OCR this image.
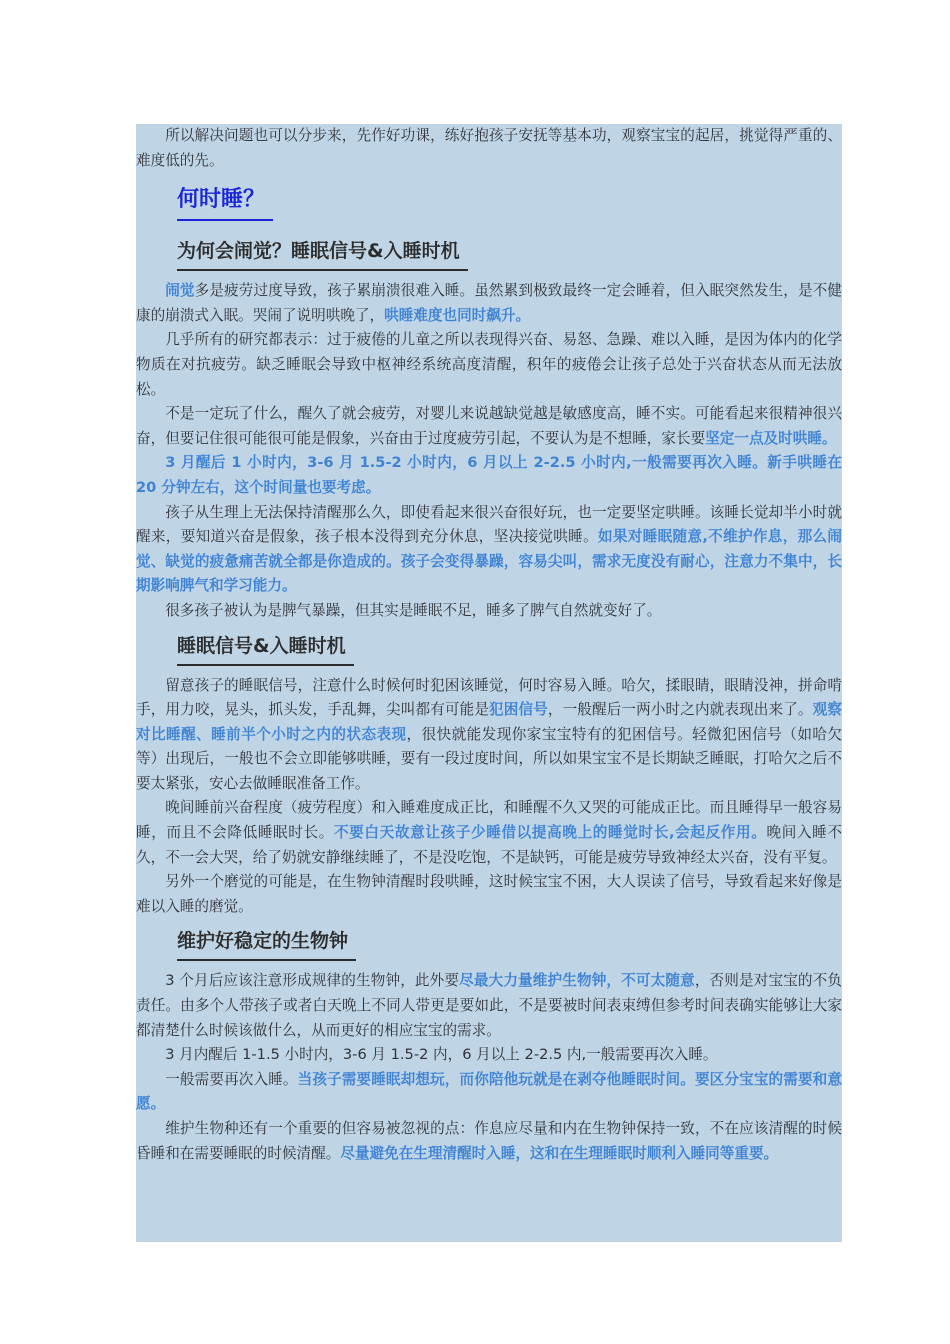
所以解决问题也可以分步来，先作好功课，练好抱孩子安抚等基本功，观察宝宝的起居，挑觉得严重的、难度低的先。

何时睡？
为何会闹觉？睡眠信号&入睡时机

闹觉多是疲劳过度导致，孩子累崩溃很难入睡。虽然累到极致最终一定会睡着，但入眠突然发生，是不健康的崩溃式入眠。哭闹了说明哄晚了，哄睡难度也同时飙升。

几乎所有的研究都表示：过于疲倦的儿童之所以表现得兴奋、易怒、急躁、难以入睡，是因为体内的化学物质在对抗疲劳。缺乏睡眠会导致中枢神经系统高度清醒，积年的疲倦会让孩子总处于兴奋状态从而无法放松。

不是一定玩了什么，醒久了就会疲劳，对婴儿来说越缺觉越是敏感度高，睡不实。可能看起来很精神很兴奋，但要记住很可能很可能是假象，兴奋由于过度疲劳引起，不要认为是不想睡，家长要坚定一点及时哄睡。

3 月醒后 1 小时内，3-6 月 1.5-2 小时内，6 月以上 2-2.5 小时内,一般需要再次入睡。新手哄睡在 20 分钟左右，这个时间量也要考虑。

孩子从生理上无法保持清醒那么久，即使看起来很兴奋很好玩，也一定要坚定哄睡。该睡长觉却半小时就醒来，要知道兴奋是假象，孩子根本没得到充分休息，坚决接觉哄睡。如果对睡眠随意,不维护作息，那么闹觉、缺觉的疲惫痛苦就全都是你造成的。孩子会变得暴躁，容易尖叫，需求无度没有耐心，注意力不集中，长期影响脾气和学习能力。

很多孩子被认为是脾气暴躁，但其实是睡眠不足，睡多了脾气自然就变好了。

睡眠信号&入睡时机

留意孩子的睡眠信号，注意什么时候何时犯困该睡觉，何时容易入睡。哈欠，揉眼睛，眼睛没神，拼命啃手，用力咬，晃头，抓头发，手乱舞，尖叫都有可能是犯困信号，一般醒后一两小时之内就表现出来了。观察对比睡醒、睡前半个小时之内的状态表现，很快就能发现你家宝宝特有的犯困信号。轻微犯困信号（如哈欠等）出现后，一般也不会立即能够哄睡，要有一段过度时间，所以如果宝宝不是长期缺乏睡眠，打哈欠之后不要太紧张，安心去做睡眠准备工作。

晚间睡前兴奋程度（疲劳程度）和入睡难度成正比，和睡醒不久又哭的可能成正比。而且睡得早一般容易睡，而且不会降低睡眠时长。不要白天故意让孩子少睡借以提高晚上的睡觉时长,会起反作用。晚间入睡不久，不一会大哭，给了奶就安静继续睡了，不是没吃饱，不是缺钙，可能是疲劳导致神经太兴奋，没有平复。

另外一个磨觉的可能是，在生物钟清醒时段哄睡，这时候宝宝不困，大人误读了信号，导致看起来好像是难以入睡的磨觉。

维护好稳定的生物钟

3 个月后应该注意形成规律的生物钟，此外要尽最大力量维护生物钟，不可太随意，否则是对宝宝的不负责任。由多个人带孩子或者白天晚上不同人带更是要如此，不是要被时间表束缚但参考时间表确实能够让大家都清楚什么时候该做什么，从而更好的相应宝宝的需求。

3 月内醒后 1-1.5 小时内，3-6 月 1.5-2 内，6 月以上 2-2.5 内,一般需要再次入睡。

一般需要再次入睡。当孩子需要睡眠却想玩，而你陪他玩就是在剥夺他睡眠时间。要区分宝宝的需要和意愿。

维护生物种还有一个重要的但容易被忽视的点：作息应尽量和内在生物钟保持一致，不在应该清醒的时候昏睡和在需要睡眠的时候清醒。尽量避免在生理清醒时入睡，这和在生理睡眠时顺利入睡同等重要。
